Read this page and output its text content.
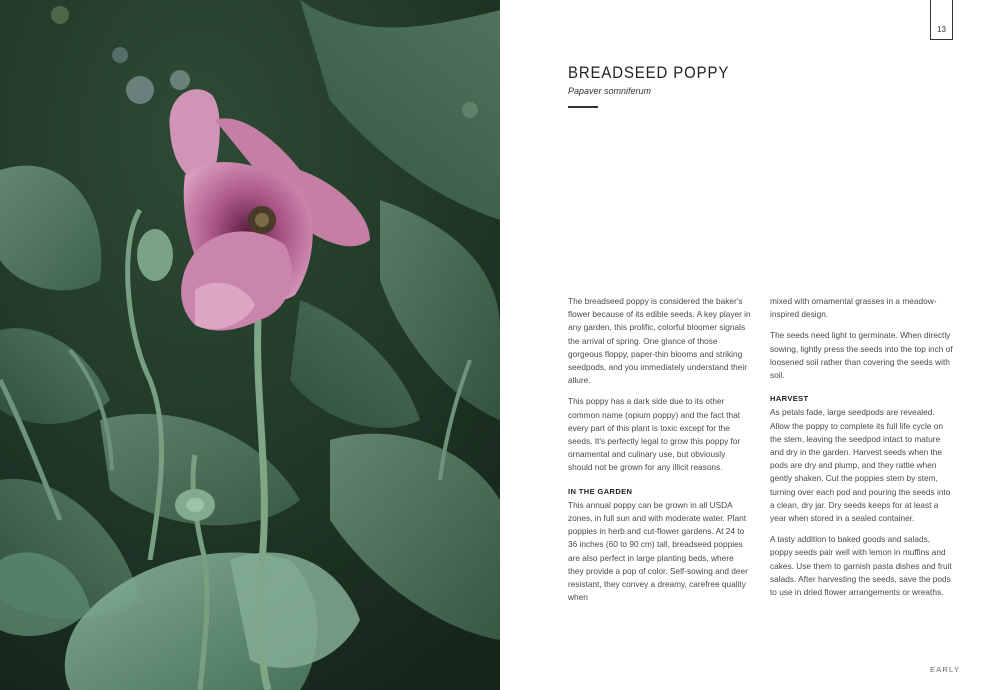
13
BREADSEED POPPY
Papaver somniferum

The breadseed poppy is considered the baker's flower because of its edible seeds. A key player in any garden, this prolific, colorful bloomer signals the arrival of spring. One glance of those gorgeous floppy, paper-thin blooms and striking seedpods, and you immediately understand their allure.

This poppy has a dark side due to its other common name (opium poppy) and the fact that every part of this plant is toxic except for the seeds. It's perfectly legal to grow this poppy for ornamental and culinary use, but obviously should not be grown for any illicit reasons.

IN THE GARDEN

This annual poppy can be grown in all USDA zones, in full sun and with moderate water. Plant poppies in herb and cut-flower gardens. At 24 to 36 inches (60 to 90 cm) tall, breadseed poppies are also perfect in large planting beds, where they provide a pop of color. Self-sowing and deer resistant, they convey a dreamy, carefree quality when

mixed with ornamental grasses in a meadow-inspired design.

The seeds need light to germinate. When directly sowing, lightly press the seeds into the top inch of loosened soil rather than covering the seeds with soil.

HARVEST

As petals fade, large seedpods are revealed. Allow the poppy to complete its full life cycle on the stem, leaving the seedpod intact to mature and dry in the garden. Harvest seeds when the pods are dry and plump, and they rattle when gently shaken. Cut the poppies stem by stem, turning over each pod and pouring the seeds into a clean, dry jar. Dry seeds keeps for at least a year when stored in a sealed container.

A tasty addition to baked goods and salads, poppy seeds pair well with lemon in muffins and cakes. Use them to garnish pasta dishes and fruit salads. After harvesting the seeds, save the pods to use in dried flower arrangements or wreaths.

EARLY
